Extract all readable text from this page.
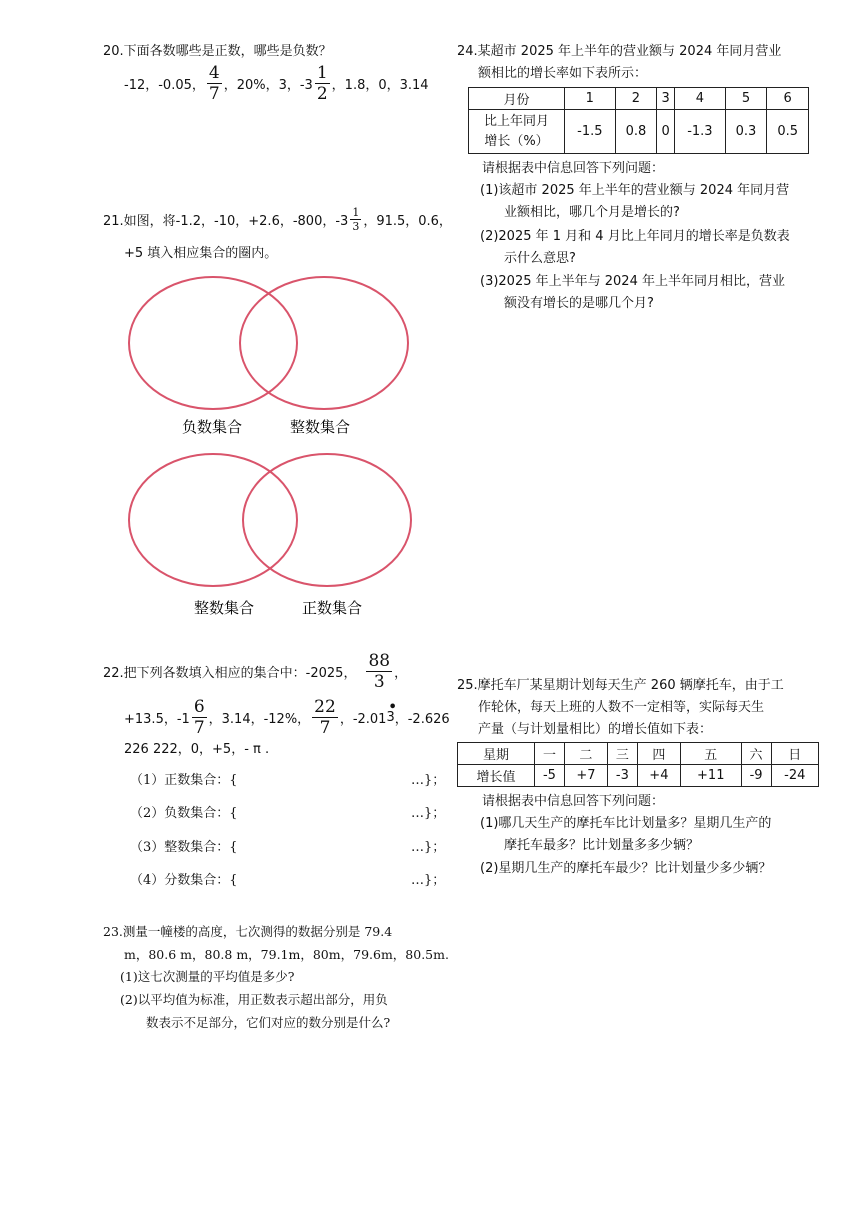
20.下面各数哪些是正数，哪些是负数？
-12，-0.05， $\frac{4}{7}$ ，20%，3，$-3 \frac{1}{2}$ ，1.8，0，3.14
21.如图，将-1.2，-10，+2.6，-800，$-3 \frac{1}{3}$ ，91.5，0.6，
+5 填入相应集合的圈内。
负数集合	整数集合
整数集合	正数集合
22.把下列各数填入相应的集合中：-2025， $\frac{88}{3}$ ，
+13.5，$-1 \frac{6}{7}$ ，3.14，-12%， $\frac{22}{7}$ ，-2.01
•
3 ，-2.626
226 222，0，+5，- π .
（1）正数集合：{	…}；
（2）负数集合：{	…}；
（3）整数集合：{	…}；
（4）分数集合：{	…}；
23.测量一幢楼的高度，七次测得的数据分别是 79.4
m，80.6 m，80.8 m，79.1m，80m，79.6m，80.5m.
(1)这七次测量的平均值是多少?
(2)以平均值为标准，用正数表示超出部分，用负
数表示不足部分，它们对应的数分别是什么?
24.某超市 2025 年上半年的营业额与 2024 年同月营业
额相比的增长率如下表所示：
月份	1	2	3	4	5	6
比上年同月
增长（%）	-1.5	0.8	0	-1.3	0.3	0.5
请根据表中信息回答下列问题：
(1)该超市 2025 年上半年的营业额与 2024 年同月营
业额相比，哪几个月是增长的?
(2)2025 年 1 月和 4 月比上年同月的增长率是负数表
示什么意思?
(3)2025 年上半年与 2024 年上半年同月相比，营业
额没有增长的是哪几个月?
25.摩托车厂某星期计划每天生产 260 辆摩托车，由于工
作轮休，每天上班的人数不一定相等，实际每天生
产量（与计划量相比）的增长值如下表：
星期	一	二	三	四	五	六	日
增长值	-5	+7	-3	+4	+11	-9	-24
请根据表中信息回答下列问题：
(1)哪几天生产的摩托车比计划量多？星期几生产的
摩托车最多？比计划量多多少辆？
(2)星期几生产的摩托车最少？比计划量少多少辆？
